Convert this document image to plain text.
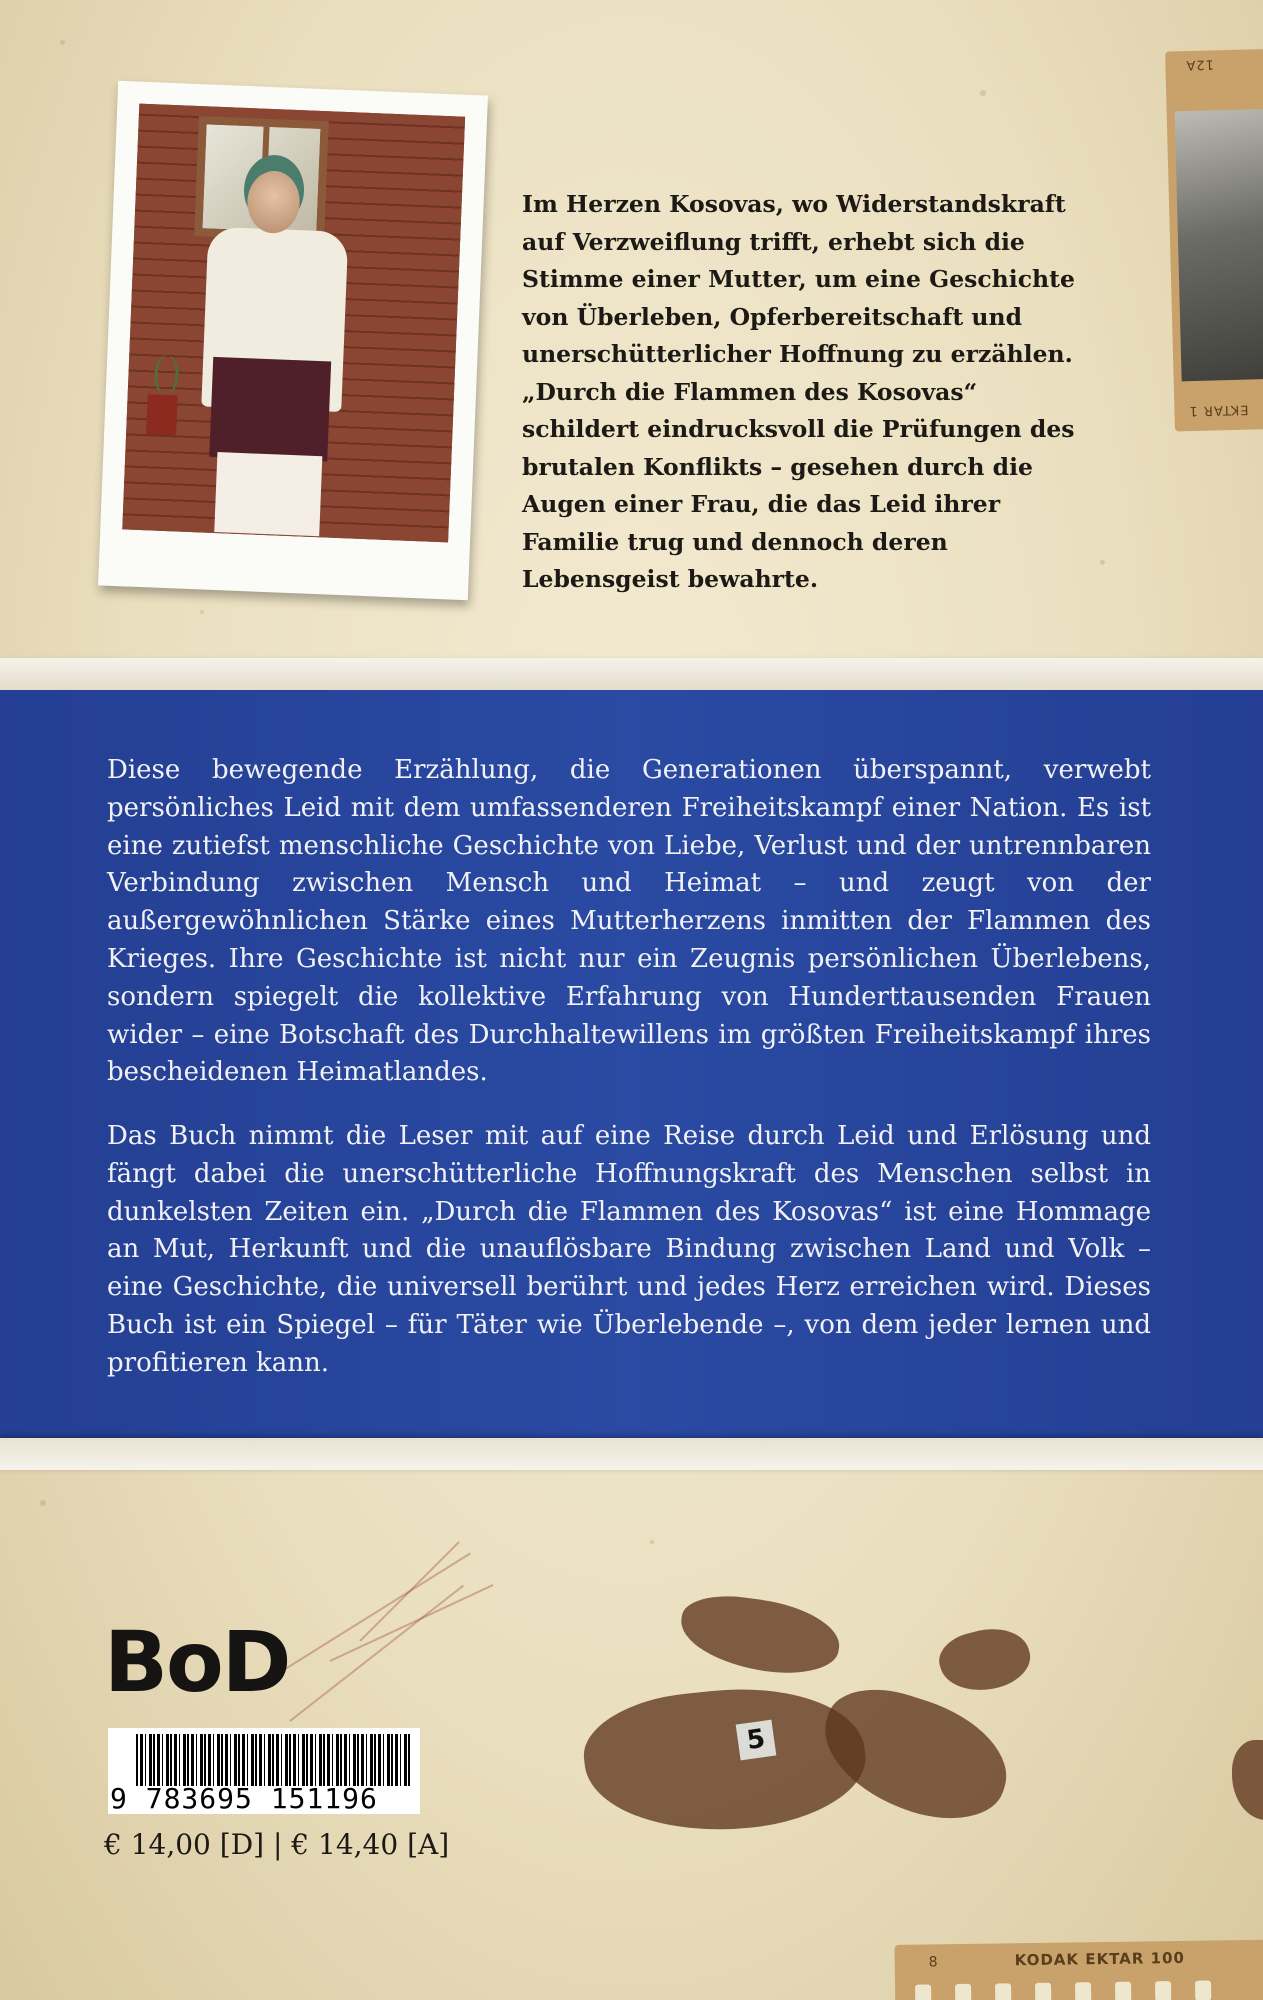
12A
EKTAR 1

Im Herzen Kosovas, wo Widerstandskraft auf Verzweiflung trifft, erhebt sich die Stimme einer Mutter, um eine Geschichte von Überleben, Opferbereitschaft und unerschütterlicher Hoffnung zu erzählen. „Durch die Flammen des Kosovas“ schildert eindrucksvoll die Prüfungen des brutalen Konflikts – gesehen durch die Augen einer Frau, die das Leid ihrer Familie trug und dennoch deren Lebensgeist bewahrte.

Diese bewegende Erzählung, die Generationen überspannt, verwebt persönliches Leid mit dem umfassenderen Freiheitskampf einer Nation. Es ist eine zutiefst menschliche Geschichte von Liebe, Verlust und der untrennbaren Verbindung zwischen Mensch und Heimat – und zeugt von der außergewöhnlichen Stärke eines Mutterherzens inmitten der Flammen des Krieges. Ihre Geschichte ist nicht nur ein Zeugnis persönlichen Überlebens, sondern spiegelt die kollektive Erfahrung von Hunderttausenden Frauen wider – eine Botschaft des Durchhaltewillens im größten Freiheitskampf ihres bescheidenen Heimatlandes.

Das Buch nimmt die Leser mit auf eine Reise durch Leid und Erlösung und fängt dabei die unerschütterliche Hoffnungskraft des Menschen selbst in dunkelsten Zeiten ein. „Durch die Flammen des Kosovas“ ist eine Hommage an Mut, Herkunft und die unauflösbare Bindung zwischen Land und Volk – eine Geschichte, die universell berührt und jedes Herz erreichen wird. Dieses Buch ist ein Spiegel – für Täter wie Überlebende –, von dem jeder lernen und profitieren kann.

5
8	KODAK EKTAR 100

BoD

9 783695 151196

€ 14,00 [D] | € 14,40 [A]
